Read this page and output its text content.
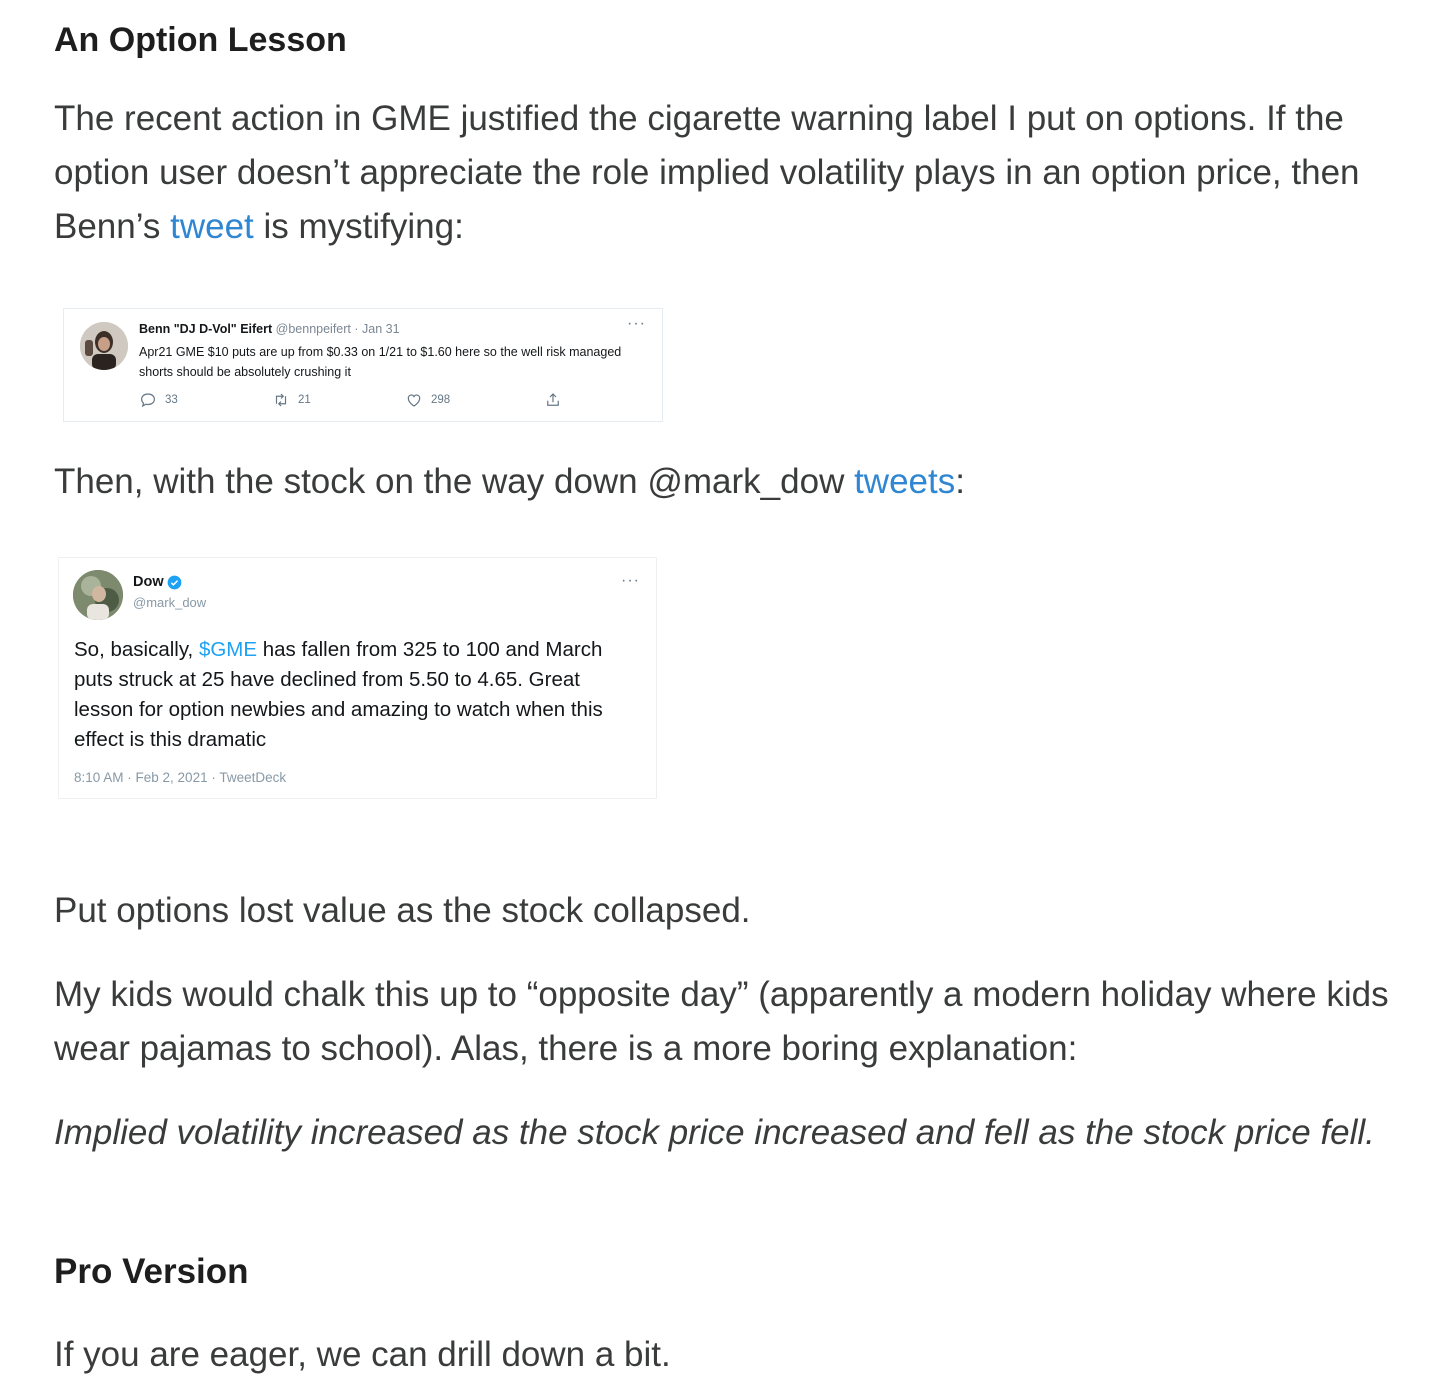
An Option Lesson

The recent action in GME justified the cigarette warning label I put on options. If the option user doesn’t appreciate the role implied volatility plays in an option price, then Benn’s tweet is mystifying:

Benn "DJ D-Vol" Eifert @bennpeifert · Jan 31	···
Apr21 GME $10 puts are up from $0.33 on 1/21 to $1.60 here so the well risk managed shorts should be absolutely crushing it
33	21	298

Then, with the stock on the way down @mark_dow tweets:

Dow
@mark_dow
···
So, basically, $GME has fallen from 325 to 100 and March puts struck at 25 have declined from 5.50 to 4.65. Great lesson for option newbies and amazing to watch when this effect is this dramatic
8:10 AM · Feb 2, 2021 · TweetDeck

Put options lost value as the stock collapsed.

My kids would chalk this up to “opposite day” (apparently a modern holiday where kids wear pajamas to school). Alas, there is a more boring explanation:

Implied volatility increased as the stock price increased and fell as the stock price fell.

Pro Version

If you are eager, we can drill down a bit.
